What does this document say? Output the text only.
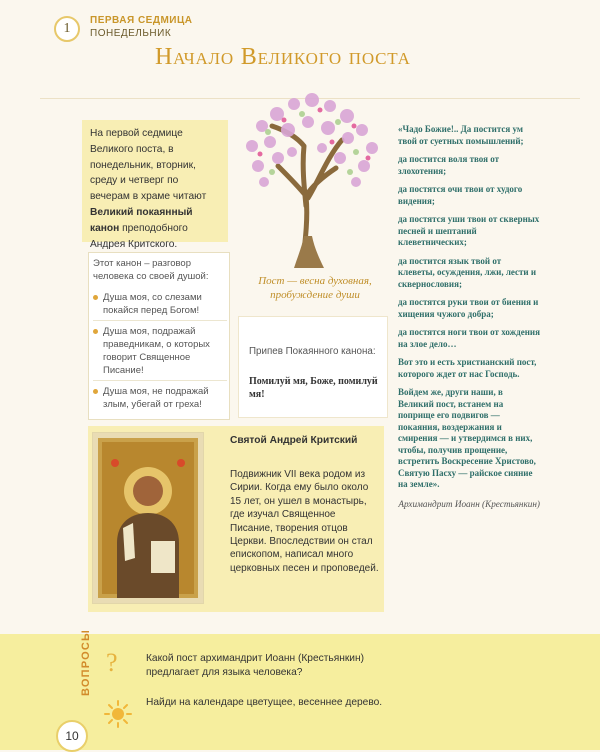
1
ПЕРВАЯ СЕДМИЦА
ПОНЕДЕЛЬНИК
Начало Великого поста

На первой седмице Великого поста, в понедельник, вторник, среду и четверг по вечерам в храме читают Великий покаянный канон преподобного Андрея Критского.

Пост — весна духовная, пробуждение души
Этот канон – разговор человека со своей душой:
Душа моя, со слезами покайся перед Богом!
Душа моя, подражай праведникам, о которых говорит Священное Писание!
Душа моя, не подражай злым, убегай от греха!
Припев Покаянного канона:
Помилуй мя, Боже, помилуй мя!

«Чадо Божие!.. Да постится ум твой от суетных помышлений;

да постится воля твоя от злохотения;

да постятся очи твои от худого видения;

да постятся уши твои от скверных песней и шептаний клеветнических;

да постится язык твой от клеветы, осуждения, лжи, лести и сквернословия;

да постятся руки твои от биения и хищения чужого добра;

да постятся ноги твои от хождения на злое дело…

Вот это и есть христианский пост, которого ждет от нас Господь.

Войдем же, други наши, в Великий пост, встанем на поприще его подвигов — покаяния, воздержания и смирения — и утвердимся в них, чтобы, получив прощение, встретить Воскресение Христово, Святую Пасху — райское сияние на земле».

Архимандрит Иоанн (Крестьянкин)
Святой Андрей Критский
Подвижник VII века родом из Сирии. Когда ему было около 15 лет, он ушел в монастырь, где изучал Священное Писание, творения отцов Церкви. Впоследствии он стал епископом, написал много церковных песен и проповедей.
ВОПРОСЫ ?	Какой пост архимандрит Иоанн (Крестьянкин) предлагает для языка человека?
Найди на календаре цветущее, весеннее дерево.
10
